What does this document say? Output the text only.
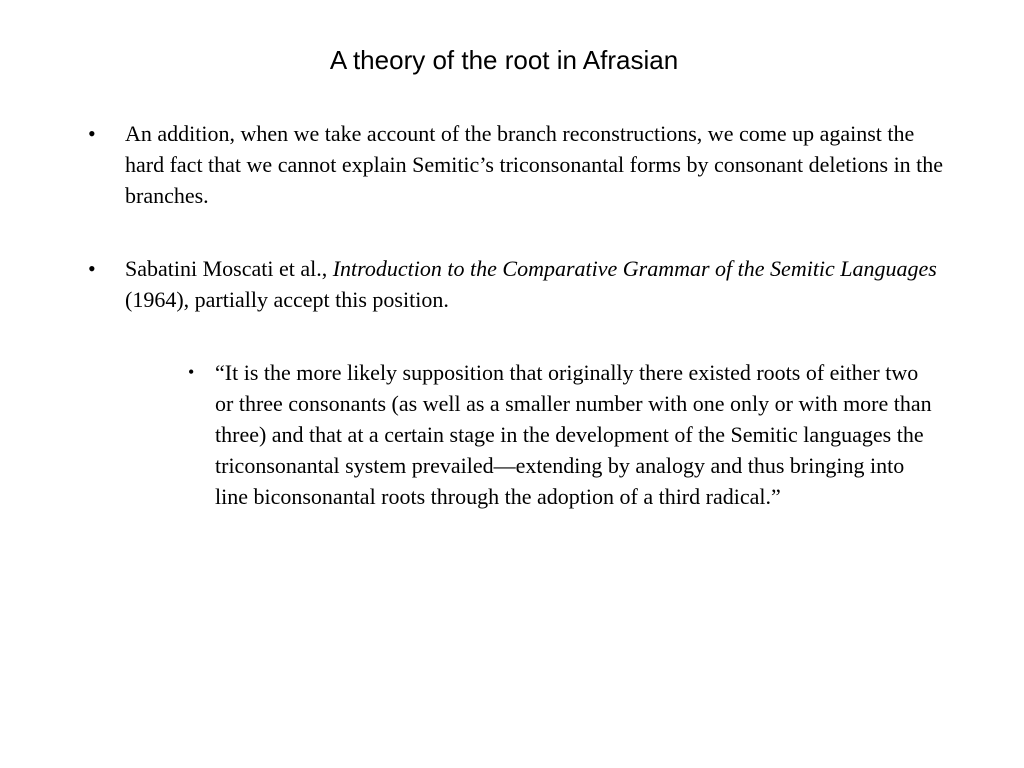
A theory of the root in Afrasian
• An addition, when we take account of the branch reconstructions, we come up against the hard fact that we cannot explain Semitic’s triconsonantal forms by consonant deletions in the branches.
• Sabatini Moscati et al., Introduction to the Comparative Grammar of the Semitic Languages (1964), partially accept this position.
• “It is the more likely supposition that originally there existed roots of either two or three consonants (as well as a smaller number with one only or with more than three) and that at a certain stage in the development of the Semitic languages the triconsonantal system prevailed—extending by analogy and thus bringing into line biconsonantal roots through the adoption of a third radical.”
